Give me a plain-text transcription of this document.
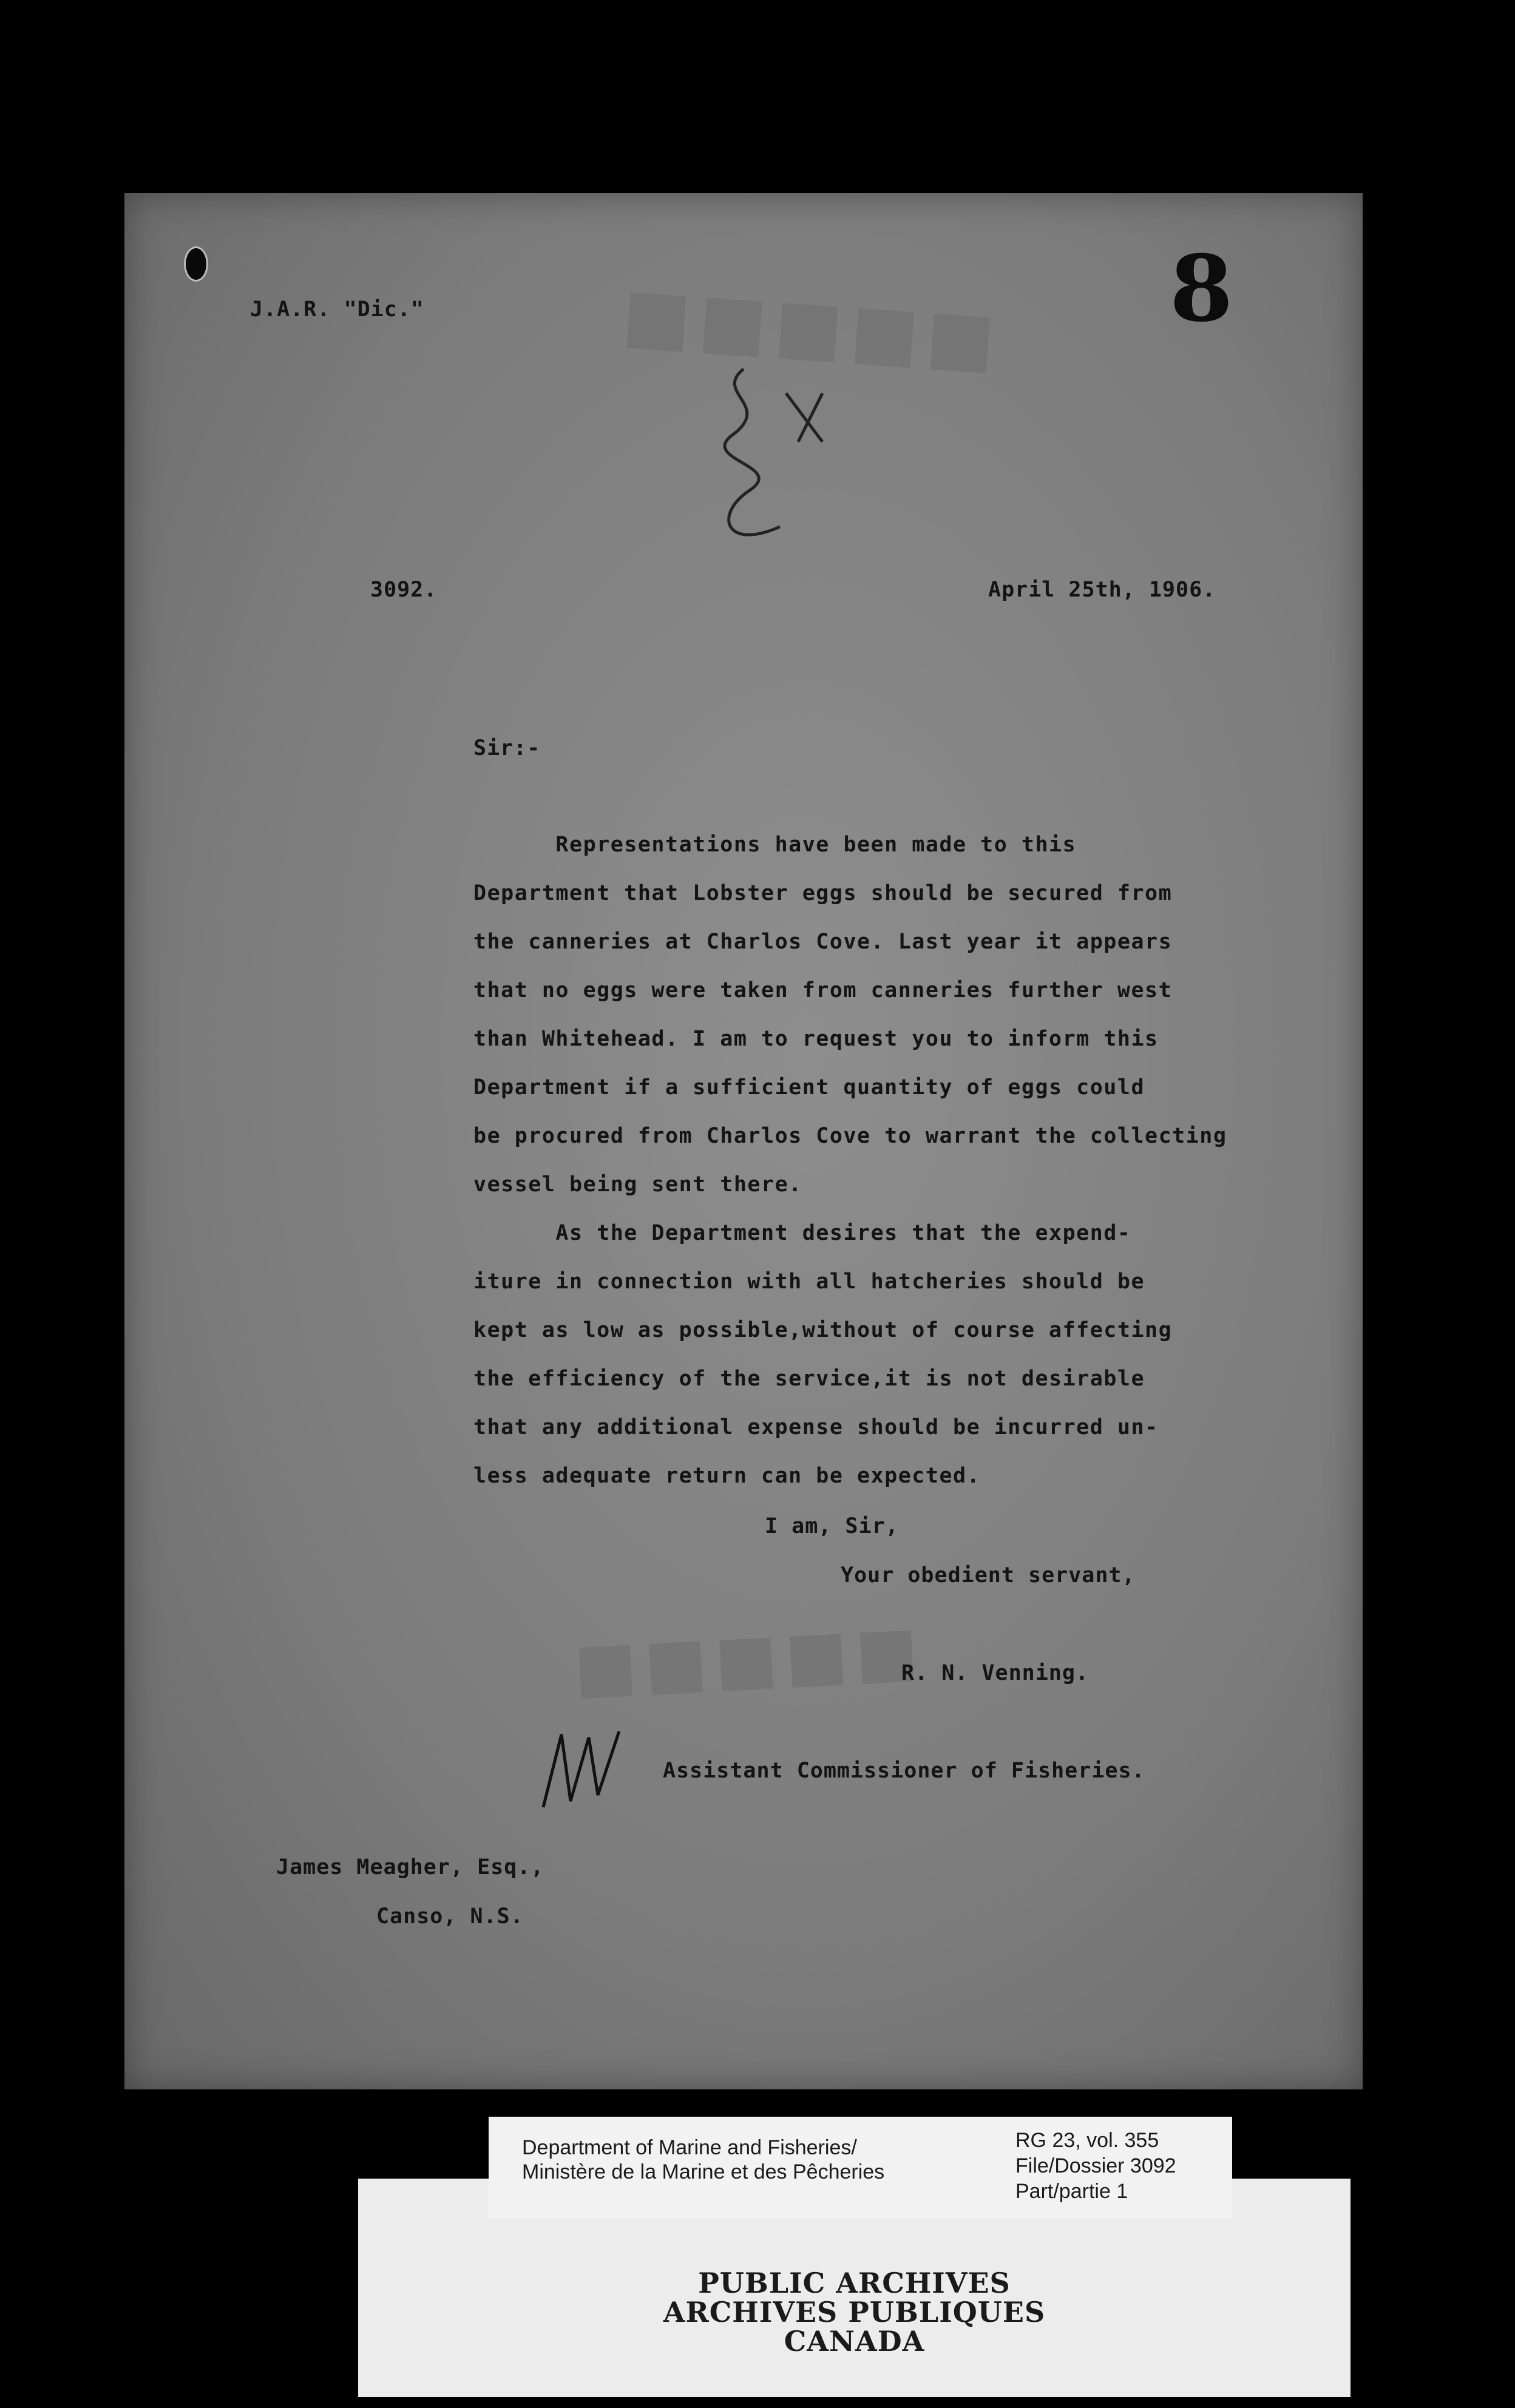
■■■■■
■■■■■
J.A.R. "Dic."	8
3092.	April 25th, 1906.
Sir:-
Representations have been made to this
Department that Lobster eggs should be secured from
the canneries at Charlos Cove. Last year it appears
that no eggs were taken from canneries further west
than Whitehead. I am to request you to inform this
Department if a sufficient quantity of eggs could
be procured from Charlos Cove to warrant the collecting
vessel being sent there.
As the Department desires that the expend-
iture in connection with all hatcheries should be
kept as low as possible,without of course affecting
the efficiency of the service,it is not desirable
that any additional expense should be incurred un-
less adequate return can be expected.
I am, Sir,
Your obedient servant,
R. N. Venning.
Assistant Commissioner of Fisheries.
James Meagher, Esq.,
Canso, N.S.
PUBLIC ARCHIVES
ARCHIVES PUBLIQUES
CANADA
Department of Marine and Fisheries/
Ministère de la Marine et des Pêcheries
RG 23, vol. 355
File/Dossier 3092
Part/partie 1
